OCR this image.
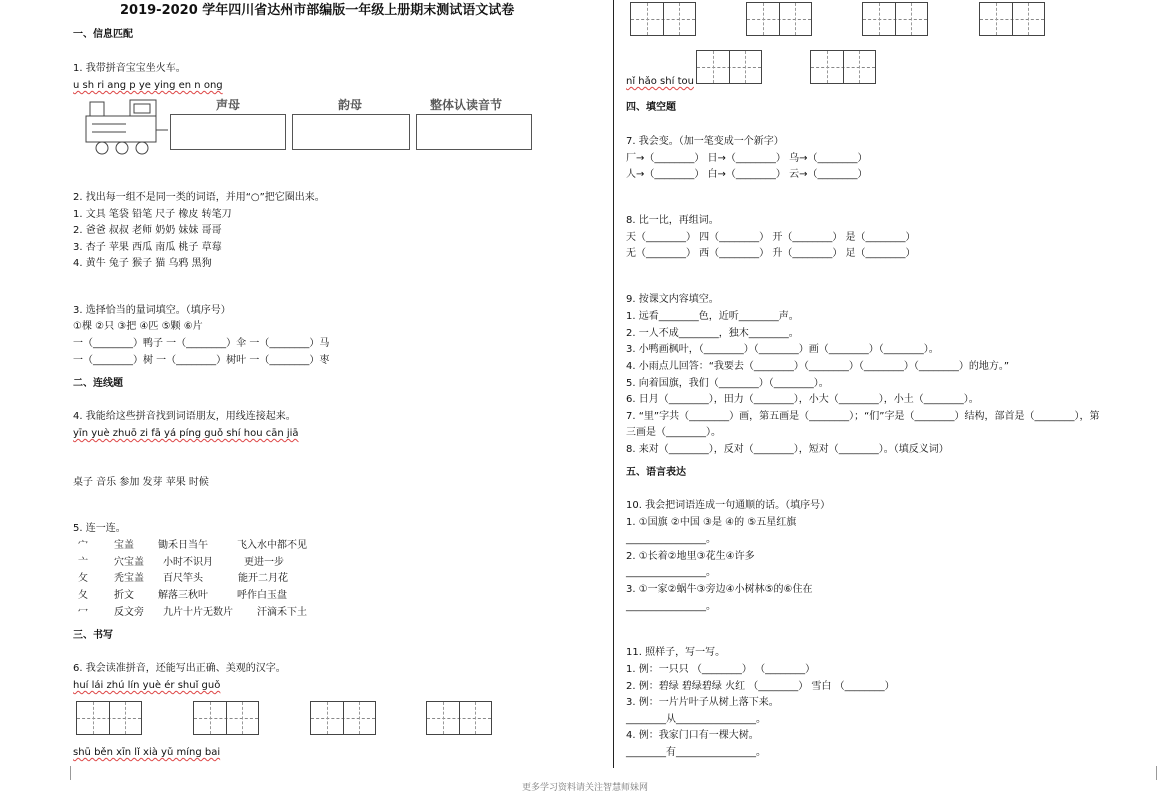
2019-2020 学年四川省达州市部编版一年级上册期末测试语文试卷
一、信息匹配
1. 我带拼音宝宝坐火车。
u sh ri ang p ye ying en n ong
声母	韵母	整体认读音节
2. 找出每一组不是同一类的词语，并用“○”把它圈出来。
1. 文具 笔袋 铅笔 尺子 橡皮 转笔刀
2. 爸爸 叔叔 老师 奶奶 妹妹 哥哥
3. 杏子 苹果 西瓜 南瓜 桃子 草莓
4. 黄牛 兔子 猴子 猫 乌鸦 黑狗
3. 选择恰当的量词填空。（填序号）
①棵 ②只 ③把 ④匹 ⑤颗 ⑥片
一（________）鸭子 一（________）伞 一（________）马
一（________）树 一（________）树叶 一（________）枣
二、连线题
4. 我能给这些拼音找到词语朋友，用线连接起来。
yīn yuè zhuō zi fā yá píng guǒ shí hou cān jiā
桌子 音乐 参加 发芽 苹果 时候
5. 连一连。
宀	宝盖 锄禾日当午	飞入水中都不见
亠	穴宝盖 小时不识月	更进一步
攵	秃宝盖 百尺竿头	能开二月花
夂	折文 解落三秋叶	呼作白玉盘
冖	反文旁 九片十片无数片 汗滴禾下土
三、书写
6. 我会读准拼音，还能写出正确、美观的汉字。
huí lái zhú lín yuè ér shuǐ guǒ
shū běn xīn lǐ xià yǔ míng bai
nǐ hǎo shí tou
四、填空题
7. 我会变。（加一笔变成一个新字）
厂→（________） 日→（________） 乌→（________）
人→（________） 白→（________） 云→（________）
8. 比一比，再组词。
天（________） 四（________） 开（________） 是（________）
无（________） 西（________） 升（________） 足（________）
9. 按课文内容填空。
1. 远看________色，近听________声。
2. 一人不成________，独木________。
3. 小鸭画枫叶，（________）（________）画（________）（________）。
4. 小雨点儿回答：“我要去（________）（________）（________）（________）的地方。”
5. 向着国旗，我们（________）（________）。
6. 日月（________），田力（________），小大（________），小土（________）。
7. “里”字共（________）画，第五画是（________）；“们”字是（________）结构，部首是（________），第
三画是（________）。
8. 来对（________），反对（________），短对（________）。（填反义词）
五、语言表达
10. 我会把词语连成一句通顺的话。（填序号）
1. ①国旗 ②中国 ③是 ④的 ⑤五星红旗
________________。
2. ①长着②地里③花生④许多
________________。
3. ①一家②蜗牛③旁边④小树林⑤的⑥住在
________________。
11. 照样子，写一写。
1. 例：一只只 （________） （________）
2. 例：碧绿 碧绿碧绿 火红 （________） 雪白 （________）
3. 例：一片片叶子从树上落下来。
________从________________。
4. 例：我家门口有一棵大树。
________有________________。
更多学习资料请关注智慧师妹网
